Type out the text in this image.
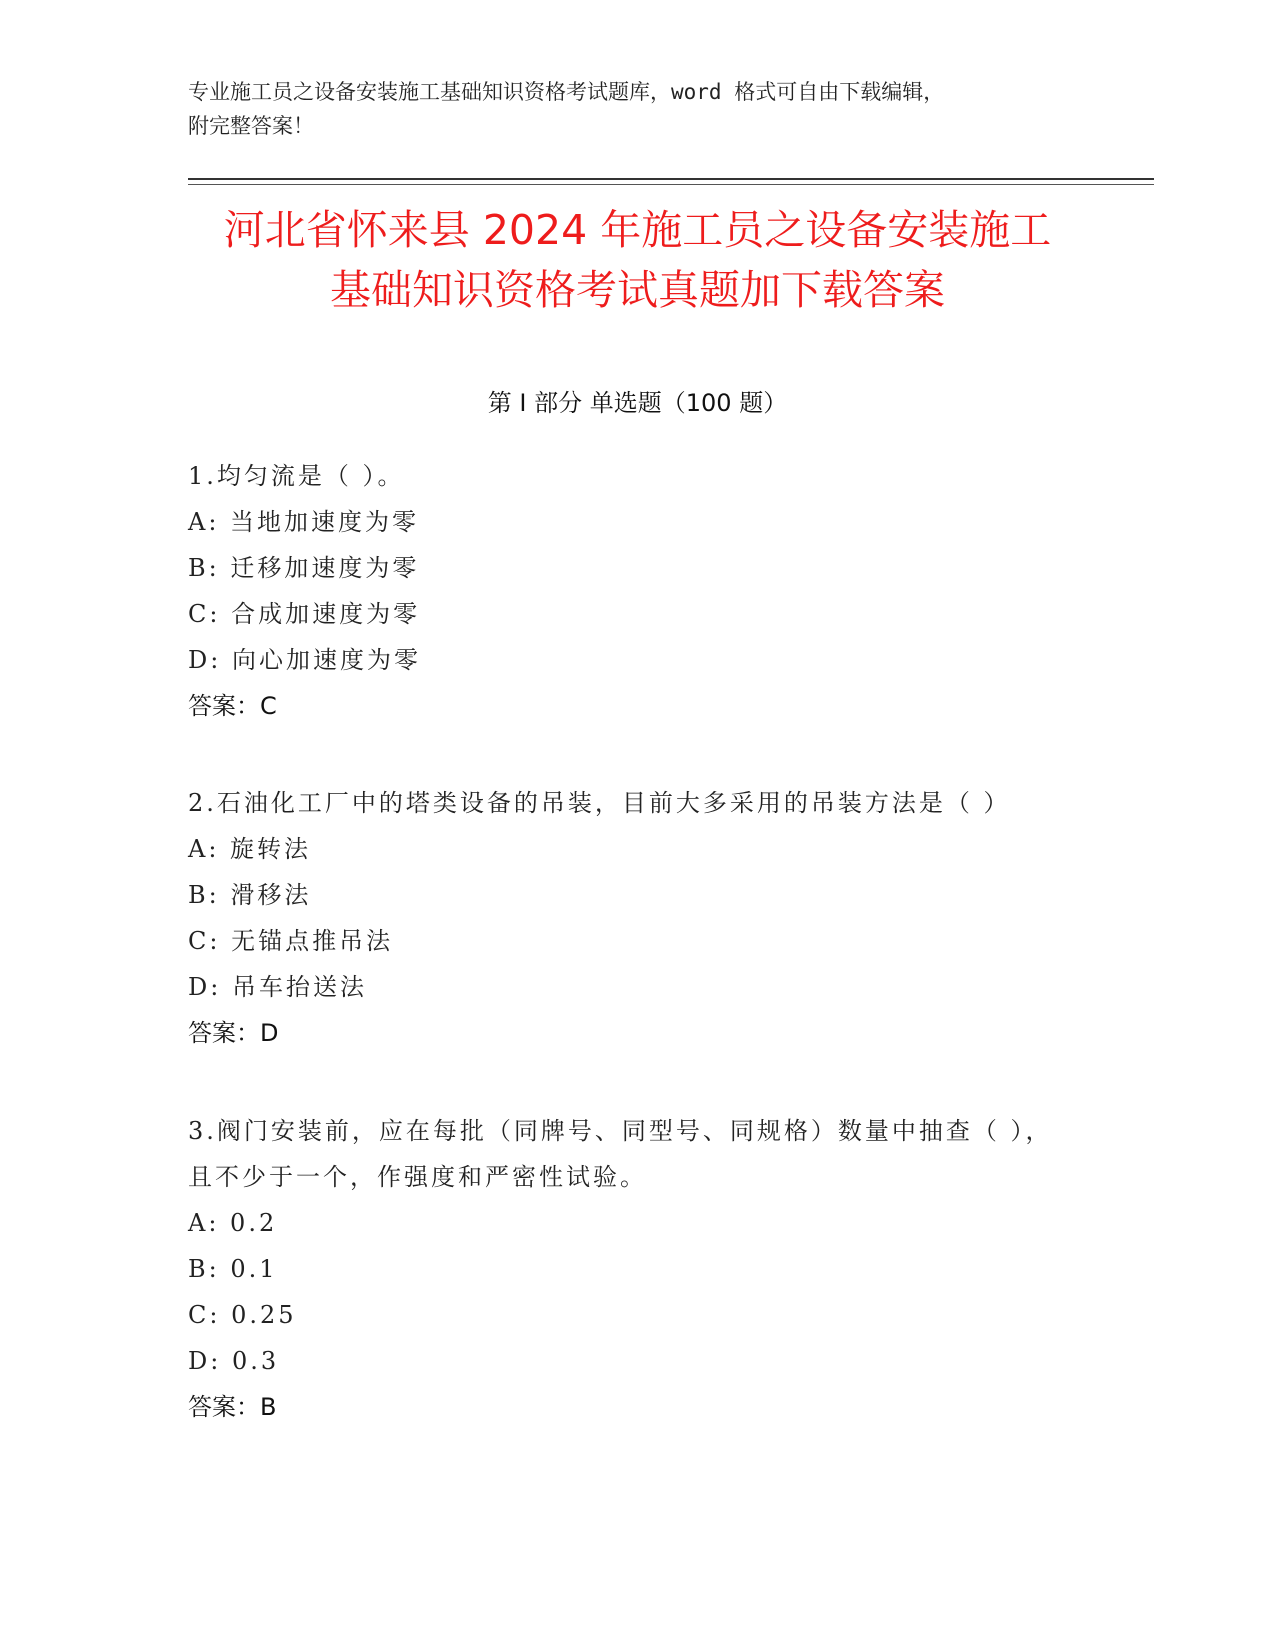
专业施工员之设备安装施工基础知识资格考试题库，word 格式可自由下载编辑，
附完整答案！
河北省怀来县 2024 年施工员之设备安装施工
基础知识资格考试真题加下载答案
第 I 部分 单选题（100 题）
1.均匀流是（ ）。
A: 当地加速度为零
B: 迁移加速度为零
C: 合成加速度为零
D: 向心加速度为零
答案：C
2.石油化工厂中的塔类设备的吊装，目前大多采用的吊装方法是（ ）
A: 旋转法
B: 滑移法
C: 无锚点推吊法
D: 吊车抬送法
答案：D
3.阀门安装前，应在每批（同牌号、同型号、同规格）数量中抽查（ ），且不少于一个，作强度和严密性试验。
A: 0.2
B: 0.1
C: 0.25
D: 0.3
答案：B
